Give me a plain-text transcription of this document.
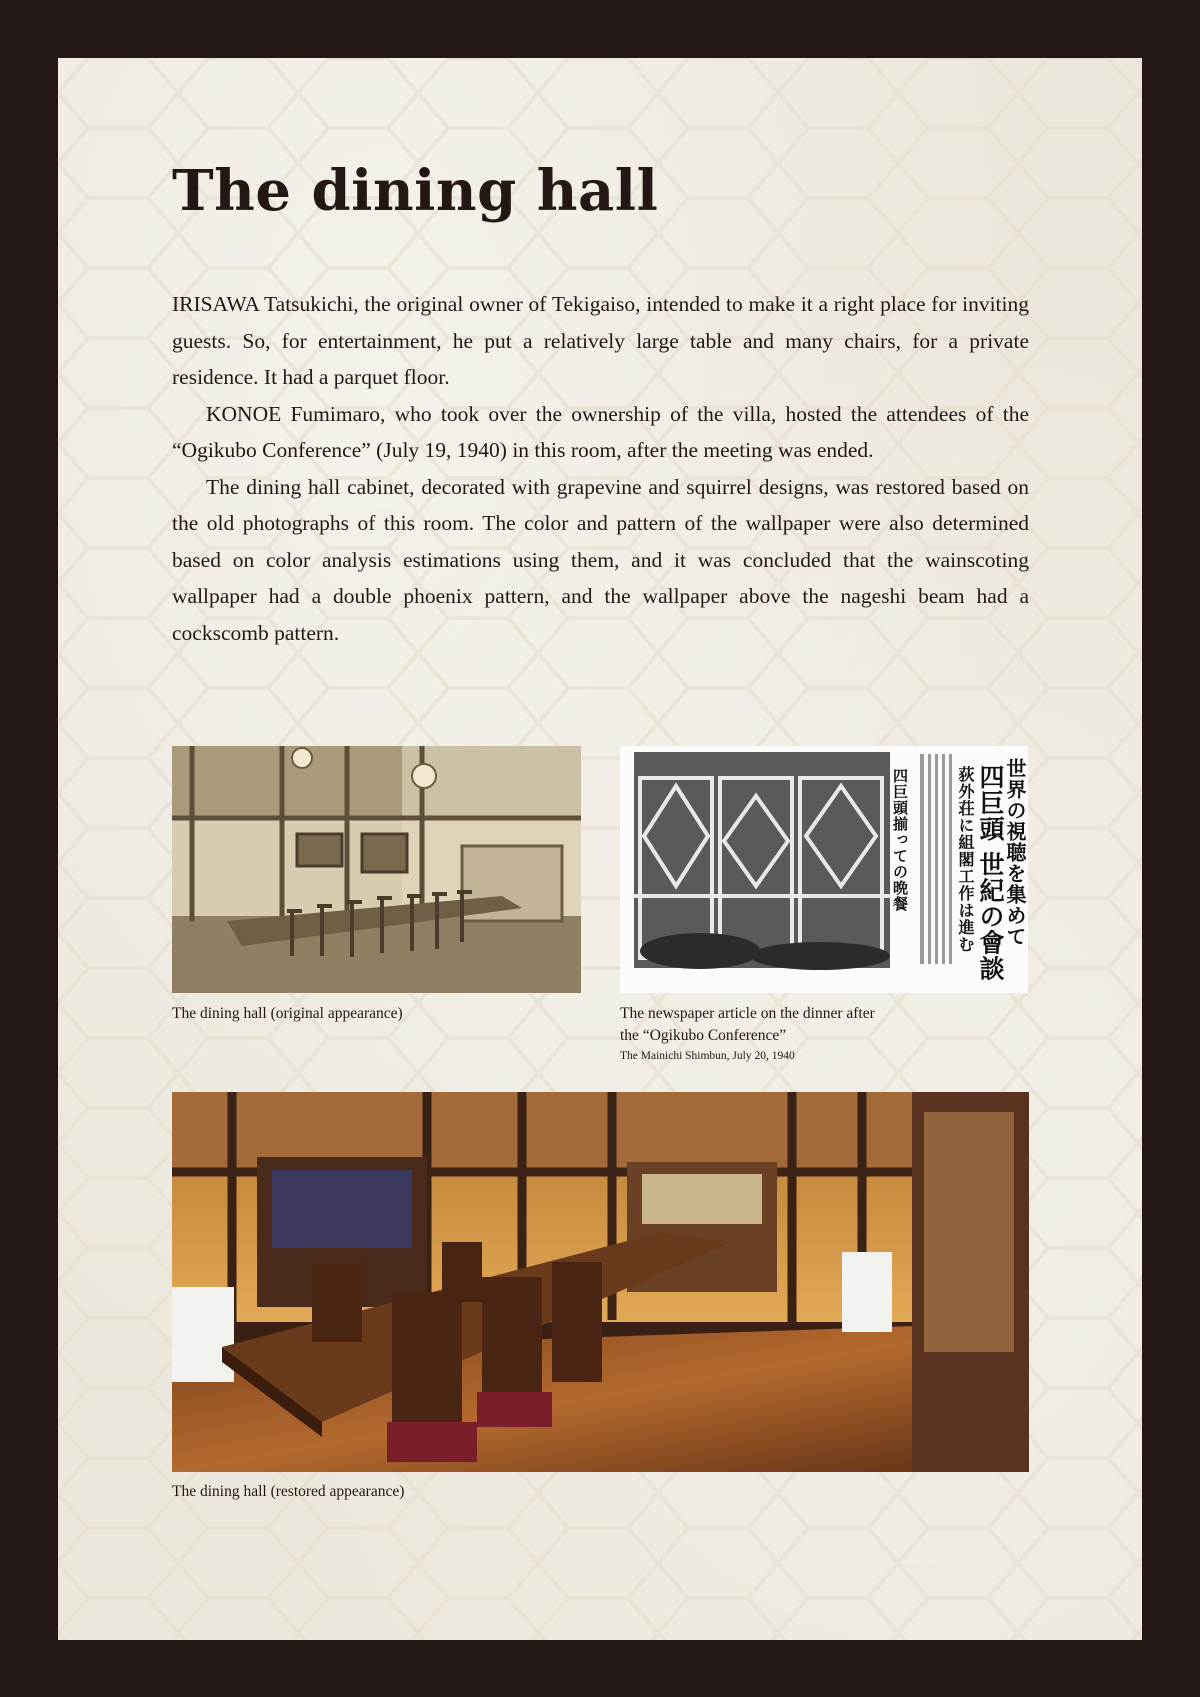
The dining hall

IRISAWA Tatsukichi, the original owner of Tekigaiso, intended to make it a right place for inviting guests. So, for entertainment, he put a relatively large table and many chairs, for a private residence. It had a parquet floor.

KONOE Fumimaro, who took over the ownership of the villa, hosted the attendees of the “Ogikubo Conference” (July 19, 1940) in this room, after the meeting was ended.

The dining hall cabinet, decorated with grapevine and squirrel designs, was restored based on the old photographs of this room. The color and pattern of the wallpaper were also determined based on color analysis estimations using them, and it was concluded that the wainscoting wallpaper had a double phoenix pattern, and the wallpaper above the nageshi beam had a cockscomb pattern.

The dining hall (original appearance)
四巨頭揃っての晩餐	荻外荘に組閣工作は進む 四巨頭 世紀の會談
世界の視聴を集めて
The newspaper article on the dinner after
the “Ogikubo Conference”
The Mainichi Shimbun, July 20, 1940
The dining hall (restored appearance)
